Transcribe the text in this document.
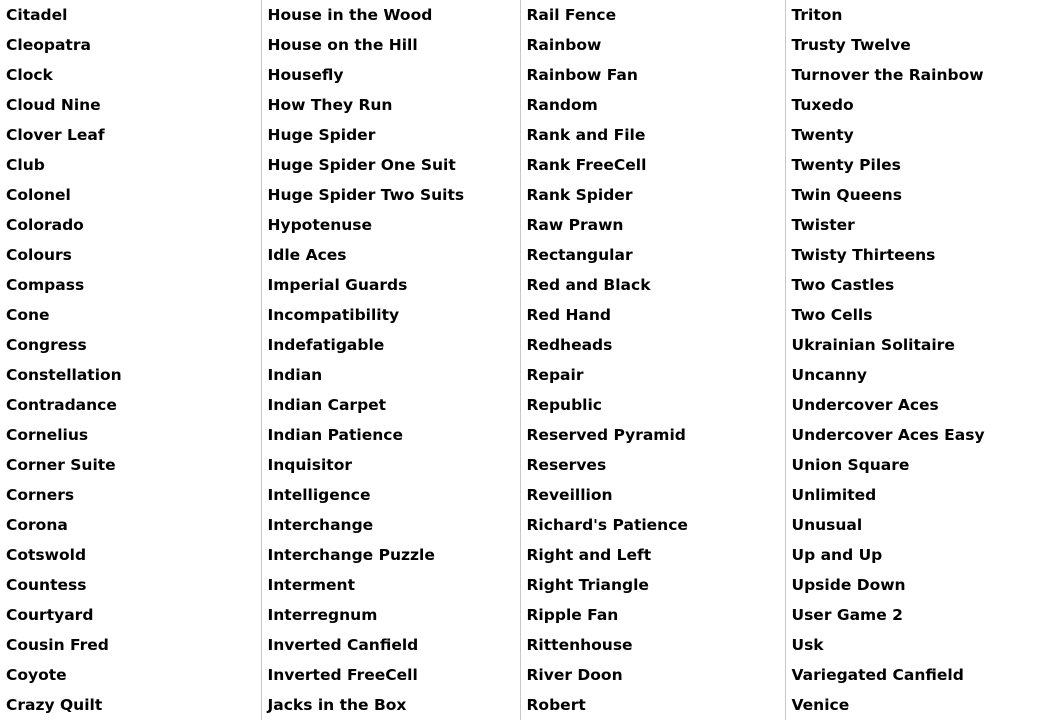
Citadel	House in the Wood	Rail Fence	Triton
Cleopatra	House on the Hill	Rainbow	Trusty Twelve
Clock	Housefly	Rainbow Fan	Turnover the Rainbow
Cloud Nine	How They Run	Random	Tuxedo
Clover Leaf	Huge Spider	Rank and File	Twenty
Club	Huge Spider One Suit	Rank FreeCell	Twenty Piles
Colonel	Huge Spider Two Suits	Rank Spider	Twin Queens
Colorado	Hypotenuse	Raw Prawn	Twister
Colours	Idle Aces	Rectangular	Twisty Thirteens
Compass	Imperial Guards	Red and Black	Two Castles
Cone	Incompatibility	Red Hand	Two Cells
Congress	Indefatigable	Redheads	Ukrainian Solitaire
Constellation	Indian	Repair	Uncanny
Contradance	Indian Carpet	Republic	Undercover Aces
Cornelius	Indian Patience	Reserved Pyramid	Undercover Aces Easy
Corner Suite	Inquisitor	Reserves	Union Square
Corners	Intelligence	Reveillion	Unlimited
Corona	Interchange	Richard's Patience	Unusual
Cotswold	Interchange Puzzle	Right and Left	Up and Up
Countess	Interment	Right Triangle	Upside Down
Courtyard	Interregnum	Ripple Fan	User Game 2
Cousin Fred	Inverted Canfield	Rittenhouse	Usk
Coyote	Inverted FreeCell	River Doon	Variegated Canfield
Crazy Quilt	Jacks in the Box	Robert	Venice
